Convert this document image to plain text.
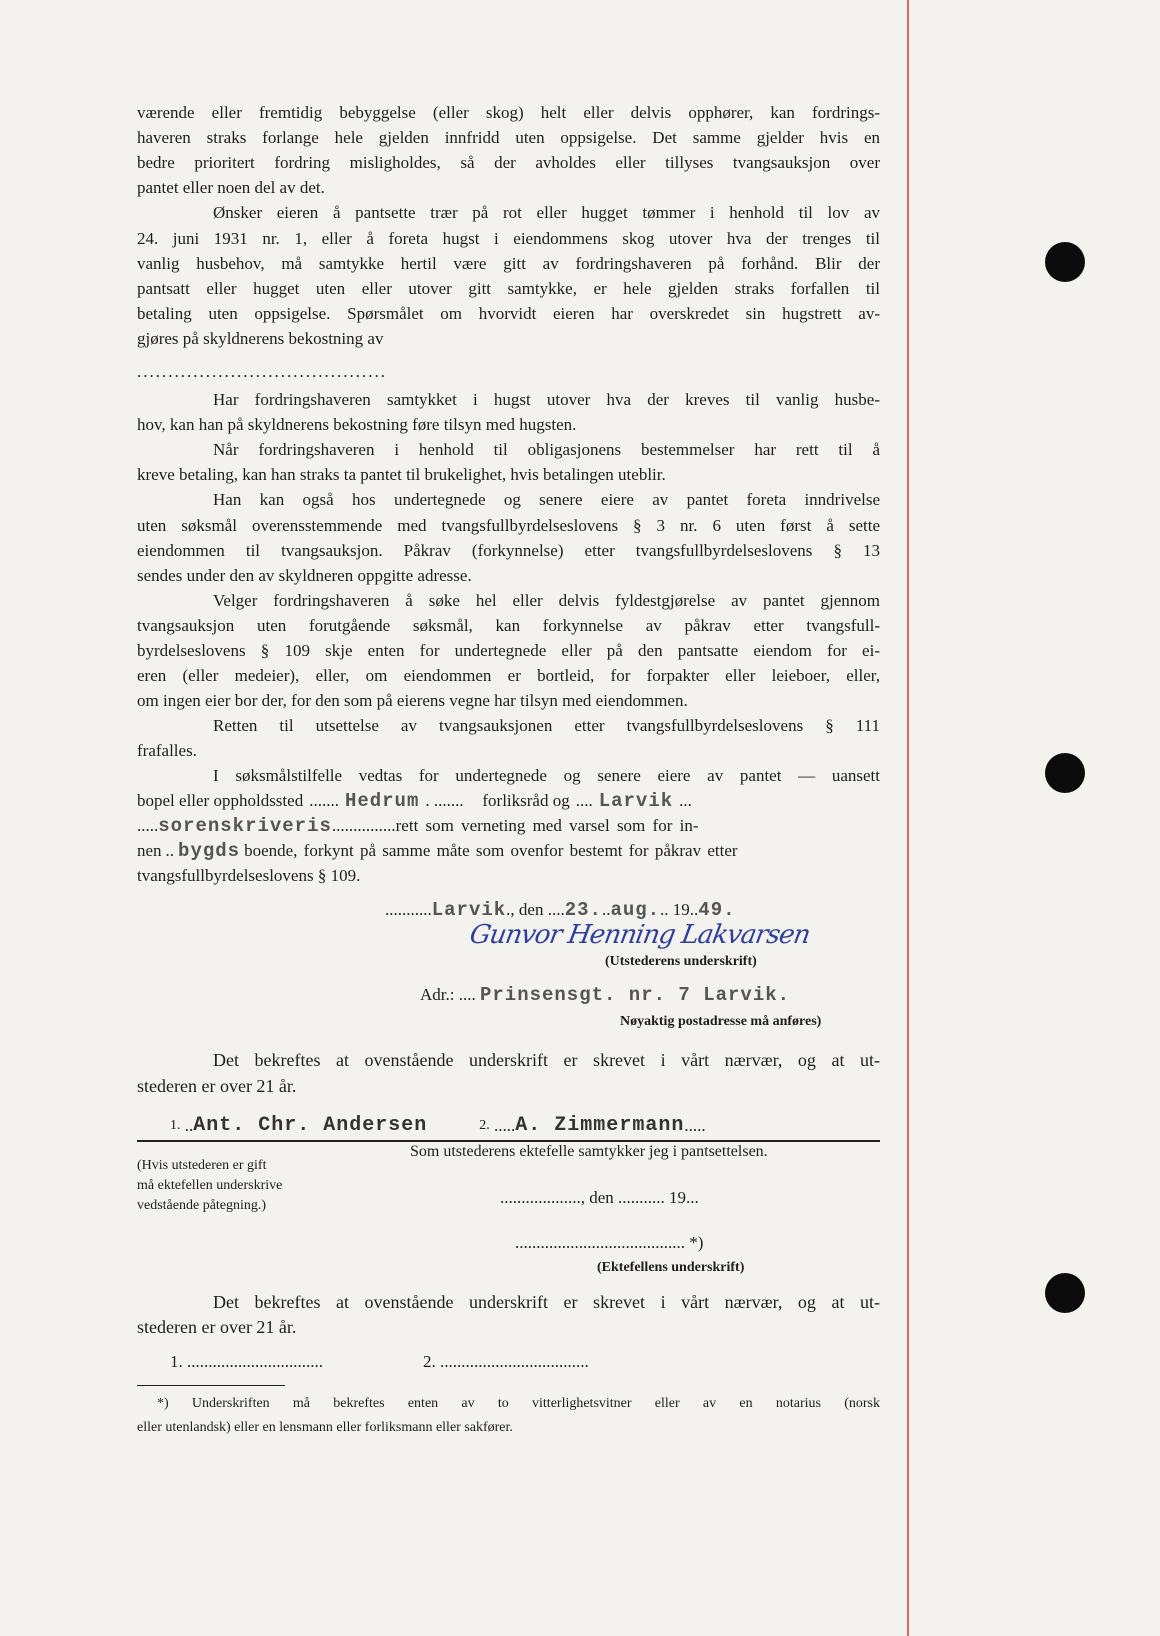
værende eller fremtidig bebyggelse (eller skog) helt eller delvis opphører, kan fordrings-
haveren straks forlange hele gjelden innfridd uten oppsigelse. Det samme gjelder hvis en
bedre prioritert fordring misligholdes, så der avholdes eller tillyses tvangsauksjon over
pantet eller noen del av det.
Ønsker eieren å pantsette trær på rot eller hugget tømmer i henhold til lov av
24. juni 1931 nr. 1, eller å foreta hugst i eiendommens skog utover hva der trenges til
vanlig husbehov, må samtykke hertil være gitt av fordringshaveren på forhånd. Blir der
pantsatt eller hugget uten eller utover gitt samtykke, er hele gjelden straks forfallen til
betaling uten oppsigelse. Spørsmålet om hvorvidt eieren har overskredet sin hugstrett av-
gjøres på skyldnerens bekostning av
Har fordringshaveren samtykket i hugst utover hva der kreves til vanlig husbe-
hov, kan han på skyldnerens bekostning føre tilsyn med hugsten.
Når fordringshaveren i henhold til obligasjonens bestemmelser har rett til å
kreve betaling, kan han straks ta pantet til brukelighet, hvis betalingen uteblir.
Han kan også hos undertegnede og senere eiere av pantet foreta inndrivelse
uten søksmål overensstemmende med tvangsfullbyrdelseslovens § 3 nr. 6 uten først å sette
eiendommen til tvangsauksjon. Påkrav (forkynnelse) etter tvangsfullbyrdelseslovens § 13
sendes under den av skyldneren oppgitte adresse.
Velger fordringshaveren å søke hel eller delvis fyldestgjørelse av pantet gjennom
tvangsauksjon uten forutgående søksmål, kan forkynnelse av påkrav etter tvangsfull-
byrdelseslovens § 109 skje enten for undertegnede eller på den pantsatte eiendom for ei-
eren (eller medeier), eller, om eiendommen er bortleid, for forpakter eller leieboer, eller,
om ingen eier bor der, for den som på eierens vegne har tilsyn med eiendommen.
Retten til utsettelse av tvangsauksjonen etter tvangsfullbyrdelseslovens § 111
frafalles.
I søksmålstilfelle vedtas for undertegnede og senere eiere av pantet — uansett
tvangsfullbyrdelseslovens § 109.
........................................
bopel eller oppholdssted ....... Hedrum . ....... forliksråd og .... Larvik ...
..... sorenskriveris ............... rett som verneting med varsel som for in-
nen .. bygds boende, forkynt på samme måte som ovenfor bestemt for påkrav etter
........... Larvik . , den .... 23. .. aug. .. 19 .. 49.
Gunvor Henning Lakvarsen
(Utstederens underskrift)
Adr.: .... Prinsensgt. nr. 7 Larvik.
Nøyaktig postadresse må anføres)
Det bekreftes at ovenstående underskrift er skrevet i vårt nærvær, og at ut-
stederen er over 21 år.
1. .. Ant. Chr. Andersen	2. ..... A. Zimmermann .....
Som utstederens ektefelle samtykker jeg i pantsettelsen.
(Hvis utstederen er gift
må ektefellen underskrive
vedstående påtegning.)	..................., den ........... 19...
........................................ *)
(Ektefellens underskrift)
Det bekreftes at ovenstående underskrift er skrevet i vårt nærvær, og at ut-
stederen er over 21 år.
1. .. ..............................	2.
...................................
*) Underskriften må bekreftes enten av to vitterlighetsvitner eller av en notarius (norsk
eller utenlandsk) eller en lensmann eller forliksmann eller sakfører.
